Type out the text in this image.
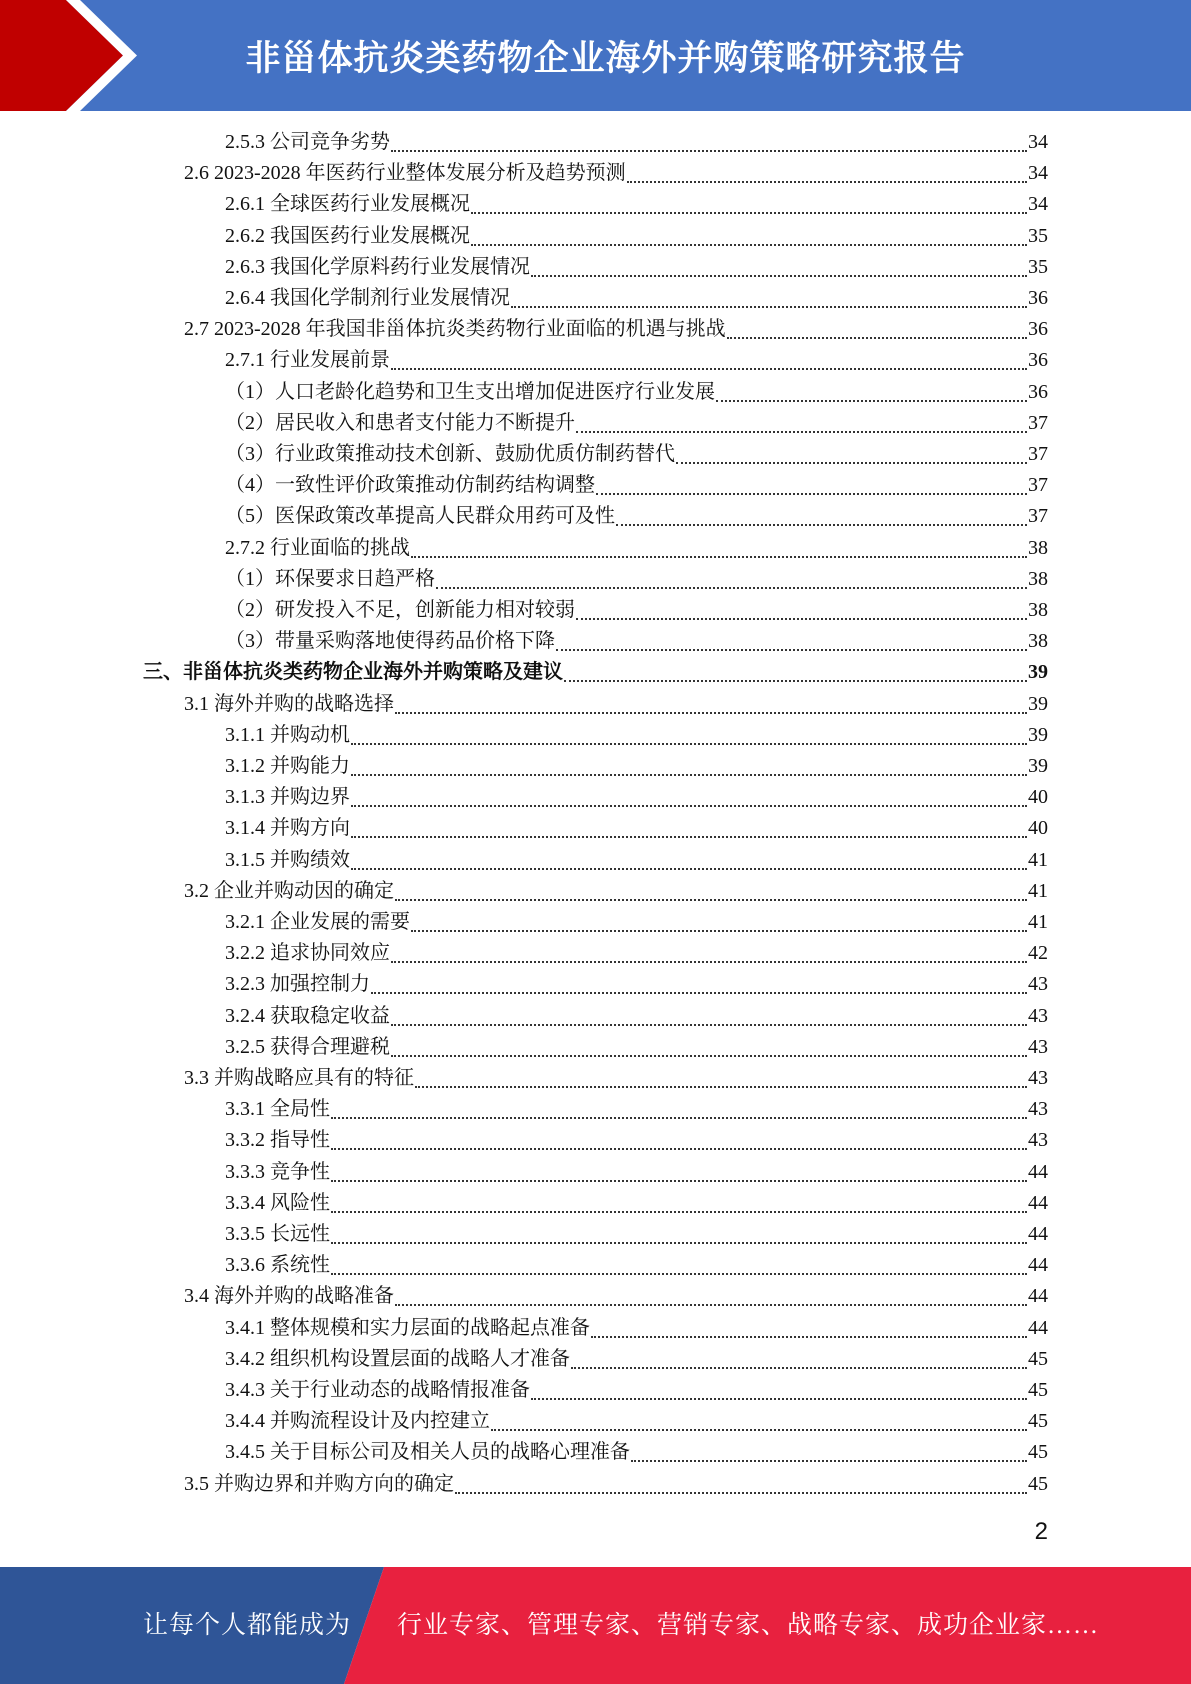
非甾体抗炎类药物企业海外并购策略研究报告
2.5.3 公司竞争劣势	34
2.6 2023-2028 年医药行业整体发展分析及趋势预测	34
2.6.1 全球医药行业发展概况	34
2.6.2 我国医药行业发展概况	35
2.6.3 我国化学原料药行业发展情况	35
2.6.4 我国化学制剂行业发展情况	36
2.7 2023-2028 年我国非甾体抗炎类药物行业面临的机遇与挑战	36
2.7.1 行业发展前景	36
（1）人口老龄化趋势和卫生支出增加促进医疗行业发展	36
（2）居民收入和患者支付能力不断提升	37
（3）行业政策推动技术创新、鼓励优质仿制药替代	37
（4）一致性评价政策推动仿制药结构调整	37
（5）医保政策改革提高人民群众用药可及性	37
2.7.2 行业面临的挑战	38
（1）环保要求日趋严格	38
（2）研发投入不足，创新能力相对较弱	38
（3）带量采购落地使得药品价格下降	38
三、非甾体抗炎类药物企业海外并购策略及建议	39
3.1 海外并购的战略选择	39
3.1.1 并购动机	39
3.1.2 并购能力	39
3.1.3 并购边界	40
3.1.4 并购方向	40
3.1.5 并购绩效	41
3.2 企业并购动因的确定	41
3.2.1 企业发展的需要	41
3.2.2 追求协同效应	42
3.2.3 加强控制力	43
3.2.4 获取稳定收益	43
3.2.5 获得合理避税	43
3.3 并购战略应具有的特征	43
3.3.1 全局性	43
3.3.2 指导性	43
3.3.3 竞争性	44
3.3.4 风险性	44
3.3.5 长远性	44
3.3.6 系统性	44
3.4 海外并购的战略准备	44
3.4.1 整体规模和实力层面的战略起点准备	44
3.4.2 组织机构设置层面的战略人才准备	45
3.4.3 关于行业动态的战略情报准备	45
3.4.4 并购流程设计及内控建立	45
3.4.5 关于目标公司及相关人员的战略心理准备	45
3.5 并购边界和并购方向的确定	45
2
让每个人都能成为 行业专家、管理专家、营销专家、战略专家、成功企业家……
